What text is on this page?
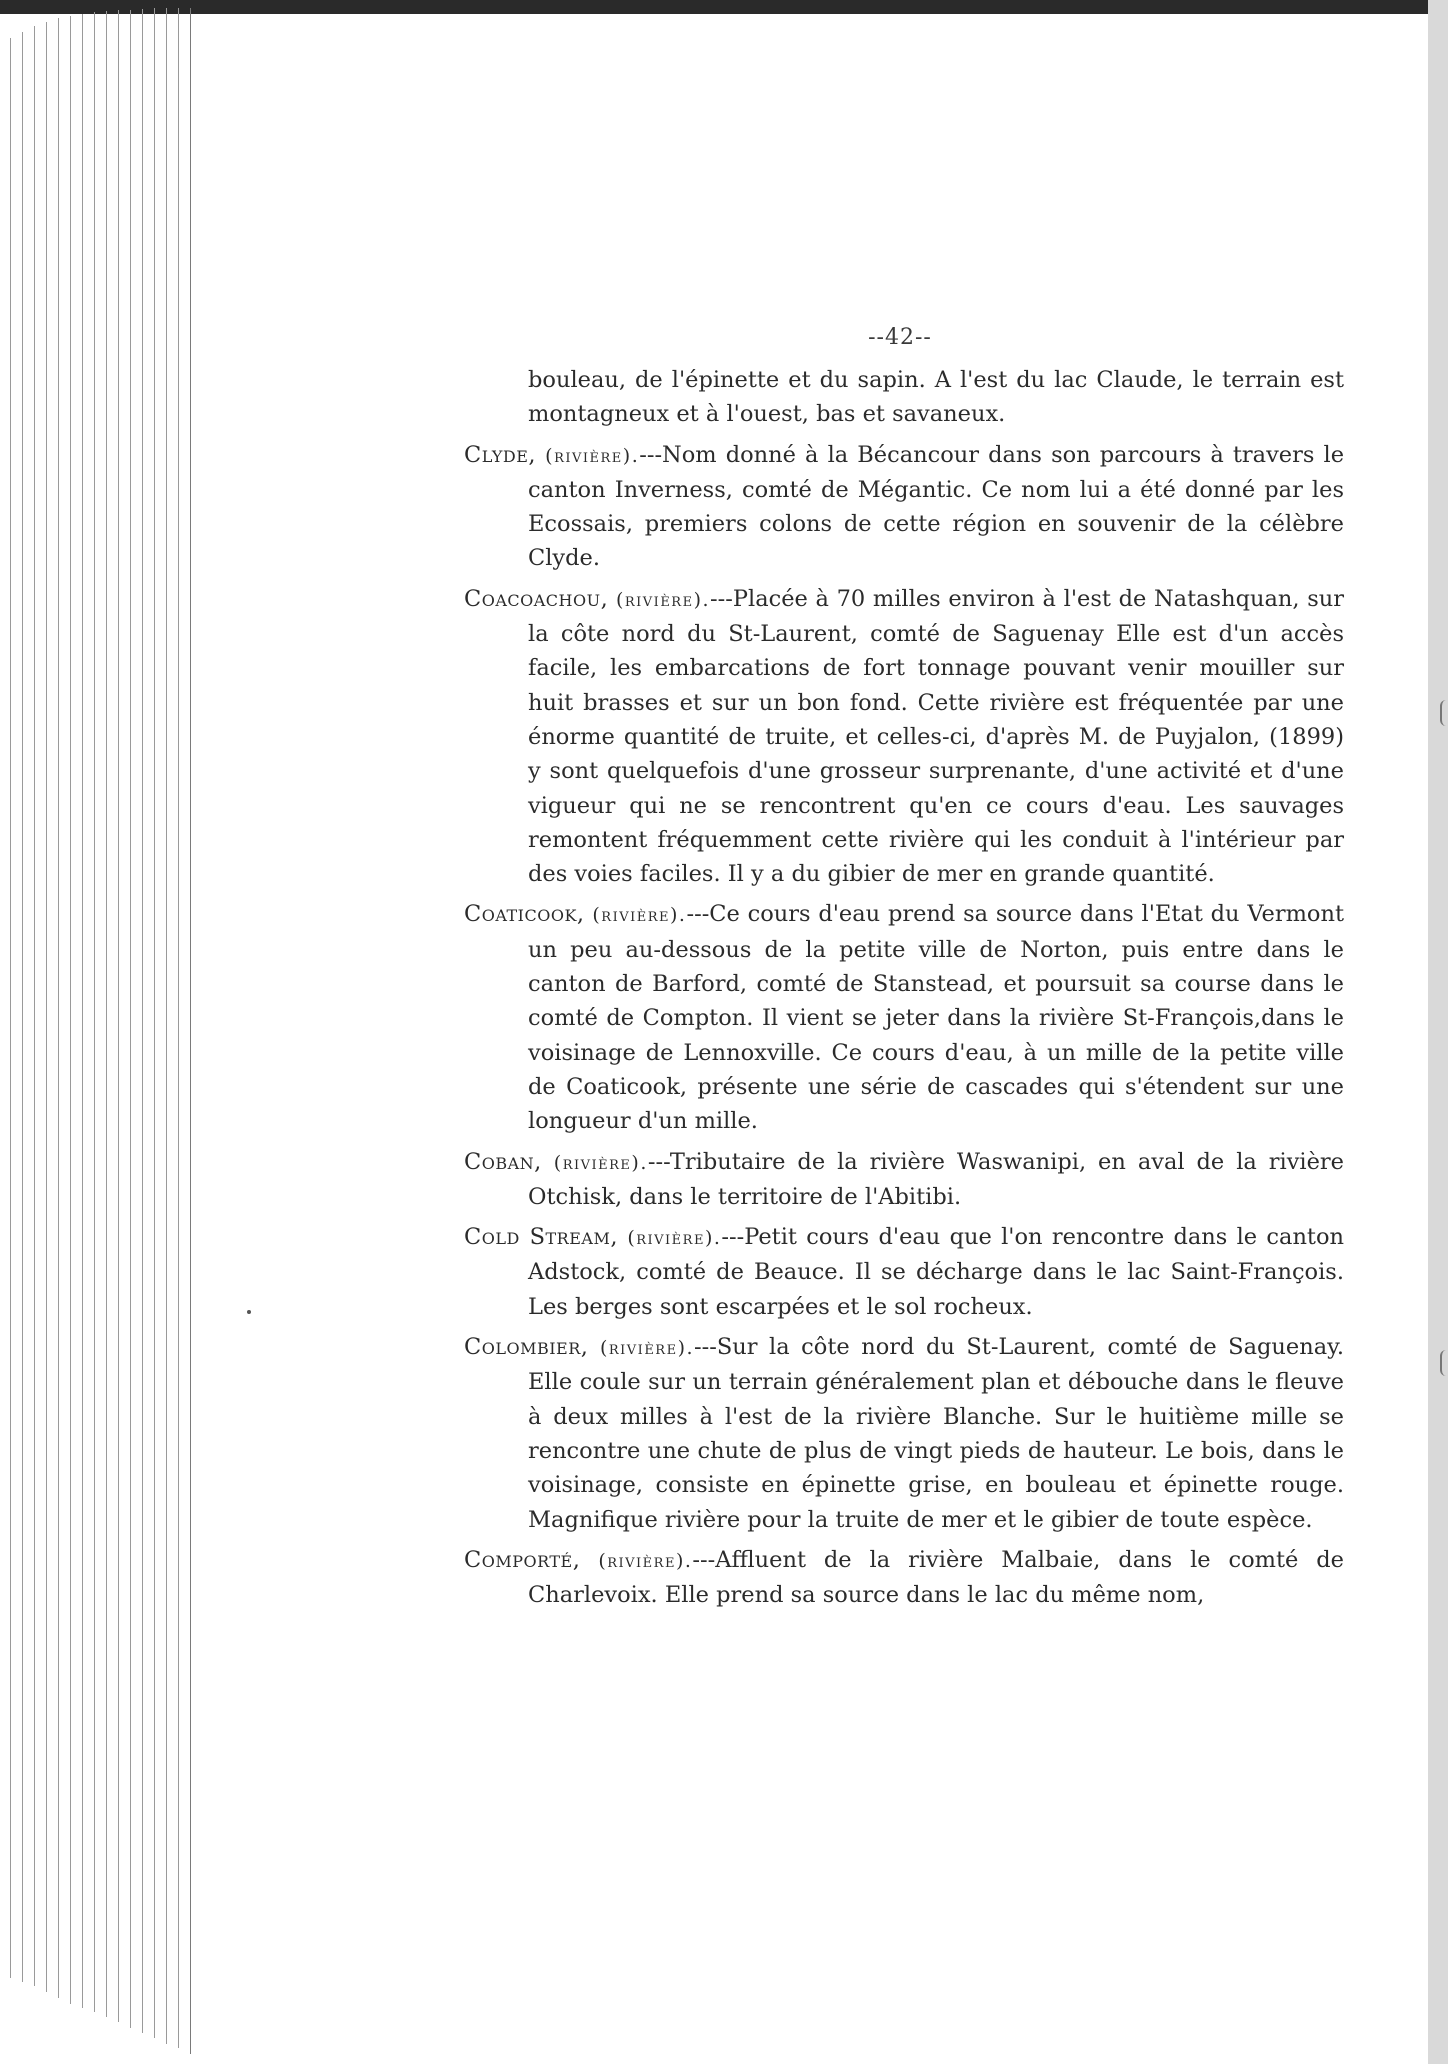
--42--
bouleau, de l'épinette et du sapin. A l'est du lac Claude, le terrain est montagneux et à l'ouest, bas et savaneux.
Clyde, (rivière).---Nom donné à la Bécancour dans son parcours à travers le canton Inverness, comté de Mégantic. Ce nom lui a été donné par les Ecossais, premiers colons de cette région en souvenir de la célèbre Clyde.
Coacoachou, (rivière).---Placée à 70 milles environ à l'est de Natashquan, sur la côte nord du St-Laurent, comté de Saguenay Elle est d'un accès facile, les embarcations de fort tonnage pouvant venir mouiller sur huit brasses et sur un bon fond. Cette rivière est fréquentée par une énorme quantité de truite, et celles-ci, d'après M. de Puyjalon, (1899) y sont quelquefois d'une grosseur surprenante, d'une activité et d'une vigueur qui ne se rencontrent qu'en ce cours d'eau. Les sauvages remontent fréquemment cette rivière qui les conduit à l'intérieur par des voies faciles. Il y a du gibier de mer en grande quantité.
Coaticook, (rivière).---Ce cours d'eau prend sa source dans l'Etat du Vermont un peu au-dessous de la petite ville de Norton, puis entre dans le canton de Barford, comté de Stanstead, et poursuit sa course dans le comté de Compton. Il vient se jeter dans la rivière St-François,dans le voisinage de Lennoxville. Ce cours d'eau, à un mille de la petite ville de Coaticook, présente une série de cascades qui s'étendent sur une longueur d'un mille.
Coban, (rivière).---Tributaire de la rivière Waswanipi, en aval de la rivière Otchisk, dans le territoire de l'Abitibi.
Cold Stream, (rivière).---Petit cours d'eau que l'on rencontre dans le canton Adstock, comté de Beauce. Il se décharge dans le lac Saint-François. Les berges sont escarpées et le sol rocheux.
Colombier, (rivière).---Sur la côte nord du St-Laurent, comté de Saguenay. Elle coule sur un terrain généralement plan et débouche dans le fleuve à deux milles à l'est de la rivière Blanche. Sur le huitième mille se rencontre une chute de plus de vingt pieds de hauteur. Le bois, dans le voisinage, consiste en épinette grise, en bouleau et épinette rouge. Magnifique rivière pour la truite de mer et le gibier de toute espèce.
Comporté, (rivière).---Affluent de la rivière Malbaie, dans le comté de Charlevoix. Elle prend sa source dans le lac du même nom,
